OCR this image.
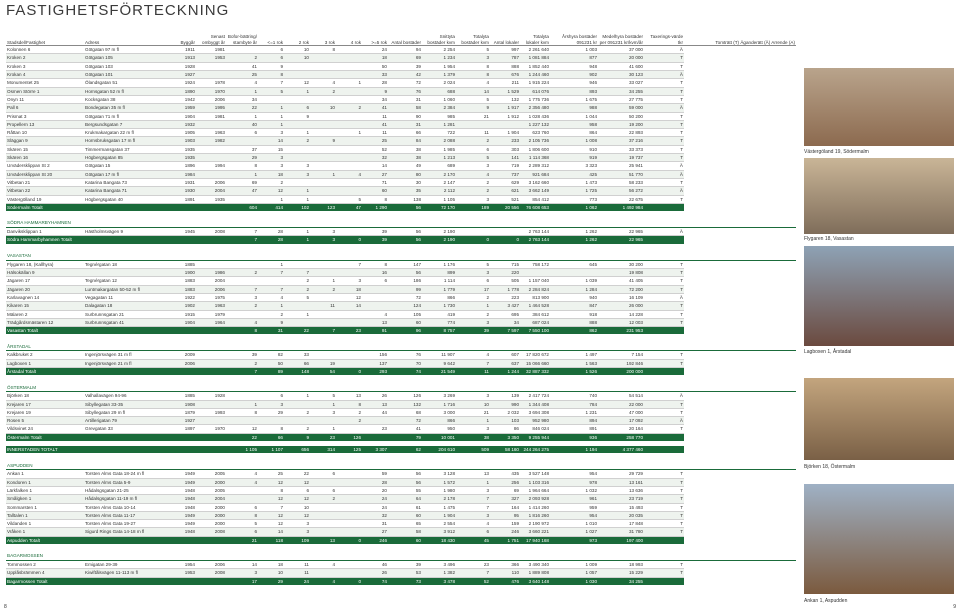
FASTIGHETSFÖRTECKNING
Stadsdel/Fastighet	Adress	Byggår	Senast ombyggt år	Bofor-bättring/ stambyte år	<=1 rok	2 rok	3 rok	4 rok	>=5 rok	Antal bostäder	Snittyta bostäder kvm	Totalyta bostäder kvm	Antal lokaler	Totalyta lokaler kvm	Årshyra bostäder 091231 kr	Medelhyra bostäder per 091231 kr/kvm/år	Taxerings-värde tkr	Tomträtt (T) Äganderätt (Ä) Arrende (A)
Kolonnen 6	Götgatan 97 m fl	1911	1981		6	10	8		24	94	2 254	5	997	2 261 640	1 003	37 000	Ä	
Kroken 2	Götgatan 105	1913	1953	2	6	10			18	69	1 234	3	787	1 081 884	877	20 000	T	
Kroken 3	Götgatan 103	1928		41	9				50	39	1 954	8	888	1 852 440	948	41 600	T	
Krokan 4	Götgatan 101	1927		25	8				33	42	1 379	8	676	1 244 460	902	30 123	Ä	
Monumentet 25	Ölandsgatan 51	1924	1978	4	7	12	4	1	28	72	2 024	4	211	1 915 224	946	33 027	T	
Osmen Större 1	Hornsgatan 52 m fl	1890	1970	1	5	1	2		9	76	688	14	1 529	614 076	893	34 255	T	
Onyn 11	Kocksgatan 38	1942	2006	34					34	31	1 060	5	132	1 775 736	1 675	27 775	T	
Pall 6	Bondegatan 35 m fl	1959	1995	22	1	6	10	2	41	58	2 384	9	1 917	2 356 480	988	59 000	Ä	
Prismat 3	Götgatan 71 m fl	1904	1981	1	1	9			11	90	985	21	1 912	1 028 436	1 044	50 200	T	
Propellern 13	Bergsundsgatan 7	1932		40	1				41	31	1 281			1 227 132	958	19 200	T	
Råttan 10	Krukmakargatan 22 m fl	1905	1963	6	3	1		1	11	66	722	11	1 904	623 760	864	22 893	T	
Släggan 9	Hornsbruksgatan 17 m fl	1903	1982		14	2	9		25	84	2 088	2	233	2 105 736	1 008	37 216	T	
Skären 15	Timmermansgatan 37	1935		37	15				52	38	1 985	6	303	1 806 600	910	33 373	T	
Skären 16	Högbergsgatan 85	1935		29	3				32	38	1 213	5	141	1 114 368	919	19 737	T	
Urvädersklippan St 2	Götgatan 15	1896	1994	8	3	3			14	49	689	3	719	2 289 312	3 323	25 941	Ä	
Urvädersklippan St 20	Götgatan 17 m fl	1984		1	18	3	1	4	27	80	2 170	4	737	921 684	425	51 770	Ä	
Vitbetan 21	Katarina Bangata 73	1931	2006	69	2				71	30	2 147	2	629	3 162 660	1 473	58 233	T	
Vitbetan 22	Katarina Bangata 71	1930	2004	47	12	1			60	35	2 112	2	621	3 662 149	1 725	56 272	Ä	
Västergölland 19	Högbergsgatan 40	1891	1935		1	1		5	8	138	1 105	3	521	854 412	773	22 675	T	
Södermalm Totalt				604	414	102	123	47	1 290	56	72 170	189	20 556	76 608 653	1 062	1 492 984		

SÖDRA HAMMARBYHAMNEN																		
Danviksklippan 1	Hästholmsvägen 9	1945	2008	7	28	1	3		39	56	2 190			2 763 144	1 262	22 965	Ä	
Södra Hammarbyhamnen Totalt				7	28	1	3	0	39	56	2 190	0	0	2 763 144	1 262	22 965		

VASASTAN																		
Flygaren 18, (Kallhyra)	Tegnérgatan 18	1885			1			7	8	147	1 176	5	715	758 172	645	30 200	T	
Hälsokällan 9		1900	1986	2	7	7			16	56	899	3	220			19 808	T	
Jägaren 17	Tegnérgatan 12	1883	2004			2	1	3	6	186	1 114	6	505	1 157 040	1 039	41 405	T	
Jägaren 20	Luntmakargatan 50-52 m fl	1883	2006	7	7	2	2	18		99	1 779	17	1 778	2 284 824	1 284	72 200	T	
Karlavagnen 14	Vegagatan 11	1922	1975	3	4	5		12		72	866	2	223	813 900	940	16 109	Ä	
Kikaren 15	Dalagatan 18	1902	1963	2	1		11	14		124	1 730	1	3 427	1 464 528	847	26 000	T	
Mälaren 2	Surbrunnsgatan 21	1915	1979		2	1			4	105	419	2	695	384 612	918	14 228	T	
Trädgårdsmästaren 12	Surbrunnsgatan 41	1904	1964	4	9				13	60	774	3	34	687 024	888	12 003	T	
Vasastan Totalt				8	31	22	7	23	91	96	8 757	39	7 597	7 550 100	862	231 953		

ÅRSTADAL																		
Kalkbruket 2	Ingenjörsvägen 31 m fl	2009		39	82	33			156	76	11 907	4	607	17 820 672	1 497	7 154	T	
Lagboxen 1	Ingenjörsvägen 21 m fl	2006		2	50	66	19		137	70	9 642	7	637	15 066 660	1 563	192 846	T	
Årstadal Totalt				7	89	148	54	0	293	74	21 549	11	1 244	32 887 332	1 526	200 000		

ÖSTERMALM																		
Björken 18	Valhallavägen 94-96	1885	1928		6	1	5	13	26	126	3 269	3	139	2 417 724	740	54 514	Ä	
Krejaren 17	Sibyllegatan 33-35	1908		1	3		1	8	13	132	1 716	10	990	1 344 408	784	22 000	T	
Krejaren 19	Sibyllegatan 29 m fl	1879	1993	8	29	2	3	2	44	68	3 000	21	2 032	3 694 308	1 231	47 000	T	
Rosen 5	Artillerigatan 79	1927						2		72	866	1	103	952 980	894	17 092	Ä	
Vildsvinet 24	Grevgatan 33	1897	1970	12	8	2	1		23	41	950	3	86	846 024	891	20 164	T	
Östermalm Totalt				22	66	9	23	126		79	10 001	38	3 350	9 255 944	936	258 770		

INNERSTADEN TOTALT				1 105	1 107	656	314	125	3 307	62	204 610	509	58 160	244 264 275	1 194	4 377 460		

ASPUDDEN																		
Ankan 1	Torsten Alms Gata 18-24 m fl	1949	2005	4	25	22	6		59	56	3 128	13	435	3 527 148	954	29 729	T	
Kondoren 1	Torsten Alms Gata 5-9	1949	2000	4	12	12			28	56	1 572	1	256	1 103 316	978	13 161	T	
Lärkfalken 1	Hådalsgsgatan 21-25	1948	2005		8	6	6		20	55	1 980	3	69	1 964 664	1 032	13 636	T	
Smålgken 1	Hådalsgsgatan 11-19 m fl	1948	2004		12	12	2		24	64	2 178	7	327	2 093 928	961	23 719	T	
Sommarsten 1	Torsten Alms Gata 10-14	1948	2000	6	7	10			24	61	1 475	7	164	1 414 260	959	15 493	T	
Talltalen 1	Torsten Alms Gata 11-17	1949	2000	8	12	12			32	60	1 904	3	95	1 816 260	954	20 035	T	
Vildanden 1	Torsten Alms Gata 19-27	1949	2000	5	12	3			31	65	2 554	4	159	2 190 972	1 010	17 848	T	
Vråken 1	Sigurd Rings Gata 14-18 m fl	1948	2008	6	14	3			27	58	3 912	6	246	3 660 221	1 027	31 780	T	
Aspudden Totalt				21	118	109	13	0	246	60	18 430	45	1 751	17 940 168	973	197 400		

BAGARMOSSEN																		
Tornmossen 2	Emigatan 29-39	1954	2006	14	18	11	4		46	39	3 496	23	366	3 490 340	1 009	18 993	T	
Upplåsbrämmen 4	Kiwiftålsvägen 11-113 m fl	1953	2008	3	10	11			26	53	1 382	7	110	1 889 808	1 057	15 229	T	
Bagarmossen Totalt				17	29	24	4	0	74	73	3 478	52	476	3 640 148	1 030	34 255		

Västergöland 19, Södermalm
Flygaren 18, Vasastan
Lagboxen 1, Årstadal
Björken 18, Östermalm
Ankan 1, Aspudden
8	9
